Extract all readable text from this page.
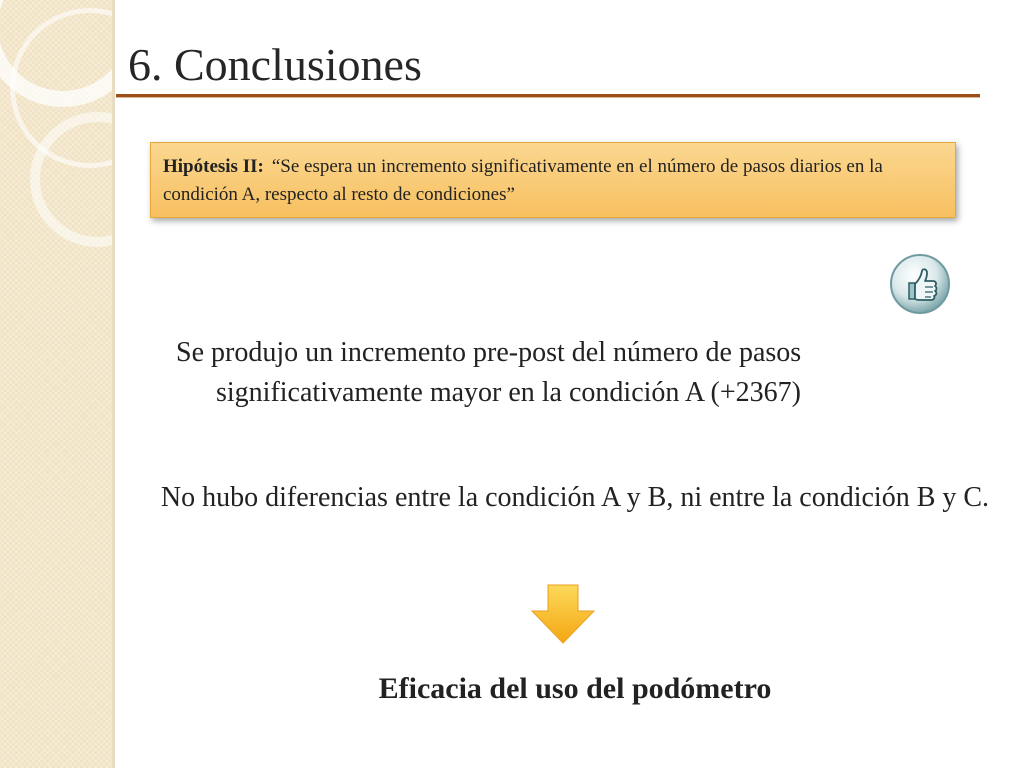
6. Conclusiones
Hipótesis II: “Se espera un incremento significativamente en el número de pasos diarios en la condición A, respecto al resto de condiciones”
Se produjo un incremento pre-post del número de pasos significativamente mayor en la condición A (+2367)
No hubo diferencias entre la condición A y B, ni entre la condición B y C.
Eficacia del uso del podómetro
